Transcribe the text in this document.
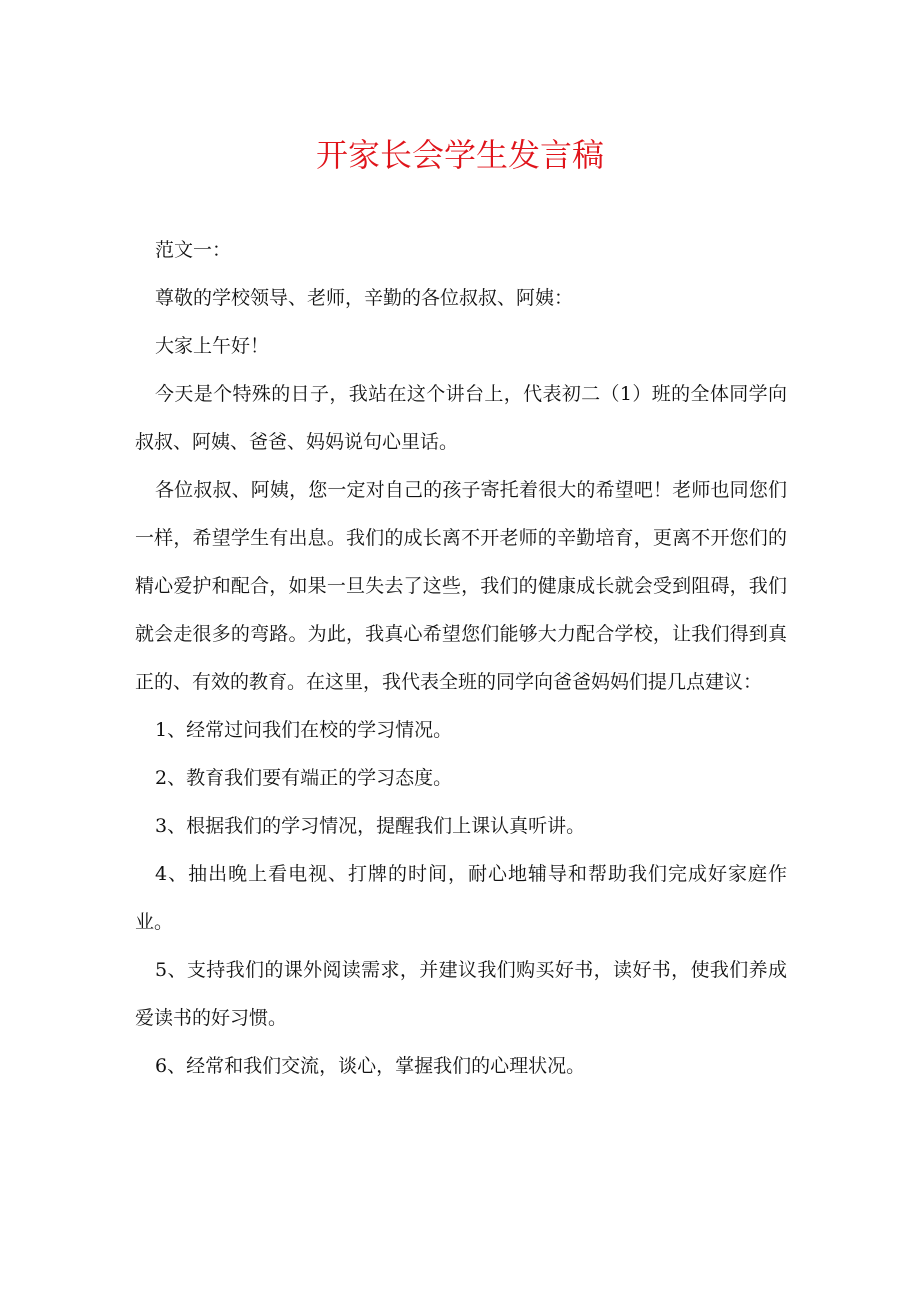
开家长会学生发言稿

范文一：

尊敬的学校领导、老师，辛勤的各位叔叔、阿姨：

大家上午好！

今天是个特殊的日子，我站在这个讲台上，代表初二（1）班的全体同学向叔叔、阿姨、爸爸、妈妈说句心里话。

各位叔叔、阿姨，您一定对自己的孩子寄托着很大的希望吧！老师也同您们一样，希望学生有出息。我们的成长离不开老师的辛勤培育，更离不开您们的精心爱护和配合，如果一旦失去了这些，我们的健康成长就会受到阻碍，我们就会走很多的弯路。为此，我真心希望您们能够大力配合学校，让我们得到真正的、有效的教育。在这里，我代表全班的同学向爸爸妈妈们提几点建议：

1、经常过问我们在校的学习情况。

2、教育我们要有端正的学习态度。

3、根据我们的学习情况，提醒我们上课认真听讲。

4、抽出晚上看电视、打牌的时间，耐心地辅导和帮助我们完成好家庭作业。

5、支持我们的课外阅读需求，并建议我们购买好书，读好书，使我们养成爱读书的好习惯。

6、经常和我们交流，谈心，掌握我们的心理状况。
